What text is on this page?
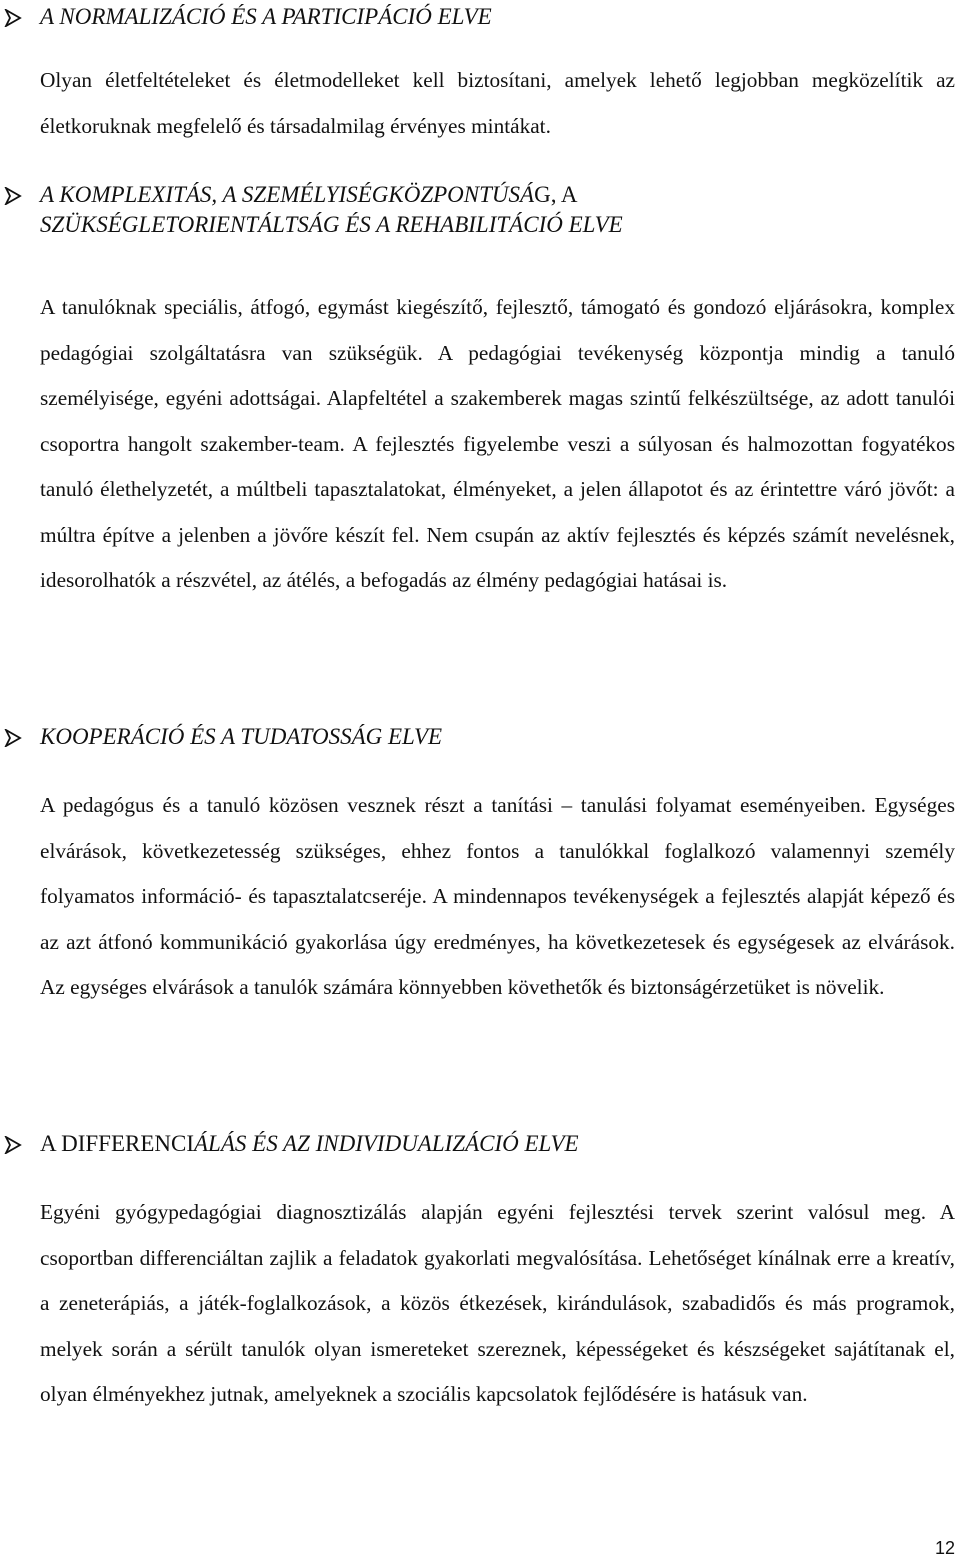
A NORMALIZÁCIÓ ÉS A PARTICIPÁCIÓ ELVE

Olyan életfeltételeket és életmodelleket kell biztosítani, amelyek lehető legjobban megközelítik az életkoruknak megfelelő és társadalmilag érvényes mintákat.

A KOMPLEXITÁS, A SZEMÉLYISÉGKÖZPONTÚSÁG, A
SZÜKSÉGLETORIENTÁLTSÁG ÉS A REHABILITÁCIÓ ELVE

A tanulóknak speciális, átfogó, egymást kiegészítő, fejlesztő, támogató és gondozó eljárásokra, komplex pedagógiai szolgáltatásra van szükségük. A pedagógiai tevékenység központja mindig a tanuló személyisége, egyéni adottságai. Alapfeltétel a szakemberek magas szintű felkészültsége, az adott tanulói csoportra hangolt szakember-team. A fejlesztés figyelembe veszi a súlyosan és halmozottan fogyatékos tanuló élethelyzetét, a múltbeli tapasztalatokat, élményeket, a jelen állapotot és az érintettre váró jövőt: a múltra építve a jelenben a jövőre készít fel. Nem csupán az aktív fejlesztés és képzés számít nevelésnek, idesorolhatók a részvétel, az átélés, a befogadás az élmény pedagógiai hatásai is.

KOOPERÁCIÓ ÉS A TUDATOSSÁG ELVE

A pedagógus és a tanuló közösen vesznek részt a tanítási – tanulási folyamat eseményeiben. Egységes elvárások, következetesség szükséges, ehhez fontos a tanulókkal foglalkozó valamennyi személy folyamatos információ- és tapasztalatcseréje. A mindennapos tevékenységek a fejlesztés alapját képező és az azt átfonó kommunikáció gyakorlása úgy eredményes, ha következetesek és egységesek az elvárások. Az egységes elvárások a tanulók számára könnyebben követhetők és biztonságérzetüket is növelik.

A DIFFERENCIÁLÁS ÉS AZ INDIVIDUALIZÁCIÓ ELVE

Egyéni gyógypedagógiai diagnosztizálás alapján egyéni fejlesztési tervek szerint valósul meg. A csoportban differenciáltan zajlik a feladatok gyakorlati megvalósítása. Lehetőséget kínálnak erre a kreatív, a zeneterápiás, a játék-foglalkozások, a közös étkezések, kirándulások, szabadidős és más programok, melyek során a sérült tanulók olyan ismereteket szereznek, képességeket és készségeket sajátítanak el, olyan élményekhez jutnak, amelyeknek a szociális kapcsolatok fejlődésére is hatásuk van.

12
